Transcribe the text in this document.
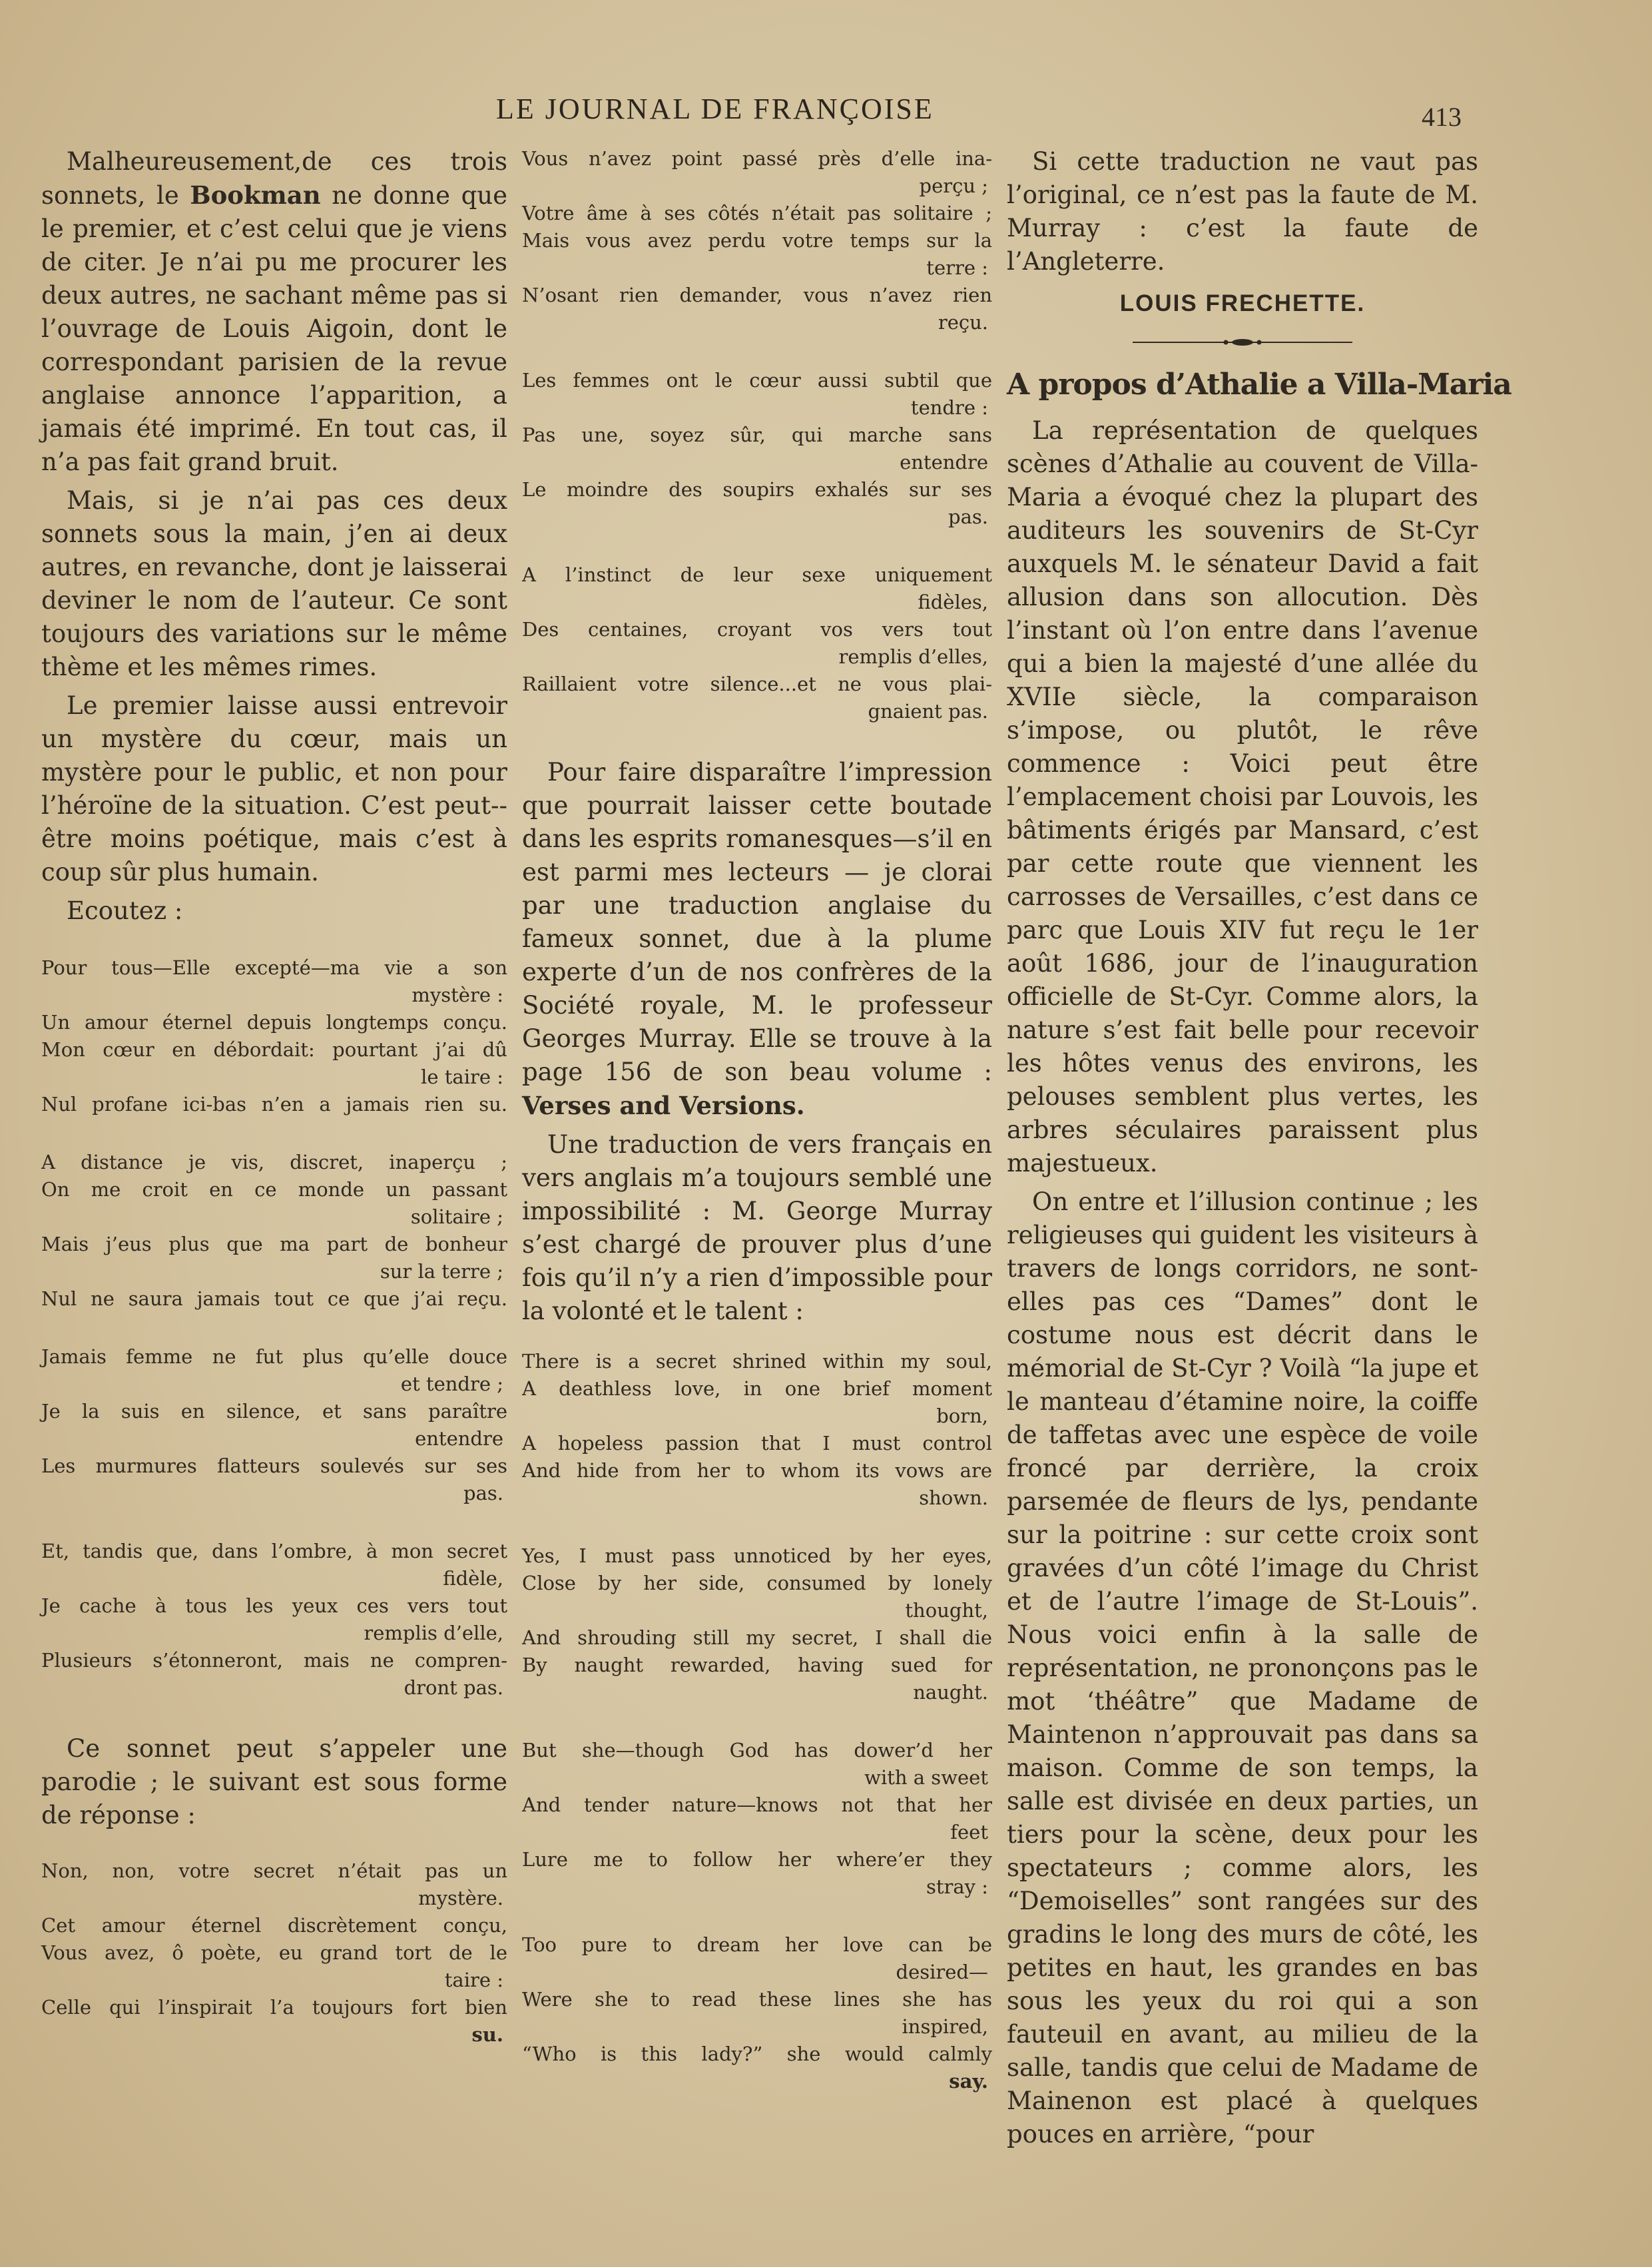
LE JOURNAL DE FRANÇOISE	413

Malheureusement,de ces trois sonnets, le Bookman ne donne que le premier, et c’est celui que je viens de citer. Je n’ai pu me procurer les deux autres, ne sachant même pas si l’ouvrage de Louis Aigoin, dont le correspondant parisien de la revue anglaise annonce l’apparition, a jamais été imprimé. En tout cas, il n’a pas fait grand bruit.

Mais, si je n’ai pas ces deux sonnets sous la main, j’en ai deux autres, en revanche, dont je laisserai deviner le nom de l’auteur. Ce sont toujours des variations sur le même thème et les mêmes rimes.

Le premier laisse aussi entrevoir un mystère du cœur, mais un mystère pour le public, et non pour l’héroïne de la situation. C’est peut--être moins poétique, mais c’est à coup sûr plus humain.

Ecoutez :

Pour tous—Elle excepté—ma vie a son

mystère :

Un amour éternel depuis longtemps conçu.

Mon cœur en débordait: pourtant j’ai dû

le taire :

Nul profane ici-bas n’en a jamais rien su.

A distance je vis, discret, inaperçu ;

On me croit en ce monde un passant

solitaire ;

Mais j’eus plus que ma part de bonheur

sur la terre ;

Nul ne saura jamais tout ce que j’ai reçu.

Jamais femme ne fut plus qu’elle douce

et tendre ;

Je la suis en silence, et sans paraître

entendre

Les murmures flatteurs soulevés sur ses

pas.

Et, tandis que, dans l’ombre, à mon secret

fidèle,

Je cache à tous les yeux ces vers tout

remplis d’elle,

Plusieurs s’étonneront, mais ne compren-

dront pas.

Ce sonnet peut s’appeler une parodie ; le suivant est sous forme de réponse :

Non, non, votre secret n’était pas un

mystère.

Cet amour éternel discrètement conçu,

Vous avez, ô poète, eu grand tort de le

taire :

Celle qui l’inspirait l’a toujours fort bien

su.

Vous n’avez point passé près d’elle ina-

perçu ;

Votre âme à ses côtés n’était pas solitaire ;

Mais vous avez perdu votre temps sur la

terre :

N’osant rien demander, vous n’avez rien

reçu.

Les femmes ont le cœur aussi subtil que

tendre :

Pas une, soyez sûr, qui marche sans

entendre

Le moindre des soupirs exhalés sur ses

pas.

A l’instinct de leur sexe uniquement

fidèles,

Des centaines, croyant vos vers tout

remplis d’elles,

Raillaient votre silence...et ne vous plai-

gnaient pas.

Pour faire disparaître l’impression que pourrait laisser cette boutade dans les esprits romanesques—s’il en est parmi mes lecteurs — je clorai par une traduction anglaise du fameux sonnet, due à la plume experte d’un de nos confrères de la Société royale, M. le professeur Georges Murray. Elle se trouve à la page 156 de son beau volume : Verses and Versions.

Une traduction de vers français en vers anglais m’a toujours semblé une impossibilité : M. George Murray s’est chargé de prouver plus d’une fois qu’il n’y a rien d’impossible pour la volonté et le talent :

There is a secret shrined within my soul,

A deathless love, in one brief moment

born,

A hopeless passion that I must control

And hide from her to whom its vows are

shown.

Yes, I must pass unnoticed by her eyes,

Close by her side, consumed by lonely

thought,

And shrouding still my secret, I shall die

By naught rewarded, having sued for

naught.

But she—though God has dower’d her

with a sweet

And tender nature—knows not that her

feet

Lure me to follow her where’er they

stray :

Too pure to dream her love can be

desired—

Were she to read these lines she has

inspired,

“Who is this lady?” she would calmly

say.

Si cette traduction ne vaut pas l’original, ce n’est pas la faute de M. Murray : c’est la faute de l’Angleterre.

LOUIS FRECHETTE.
A propos d’Athalie a Villa-Maria

La représentation de quelques scènes d’Athalie au couvent de Villa-Maria a évoqué chez la plupart des auditeurs les souvenirs de St-Cyr auxquels M. le sénateur David a fait allusion dans son allocution. Dès l’instant où l’on entre dans l’avenue qui a bien la majesté d’une allée du XVIIe siècle, la comparaison s’impose, ou plutôt, le rêve commence : Voici peut être l’emplacement choisi par Louvois, les bâtiments érigés par Mansard, c’est par cette route que viennent les carrosses de Versailles, c’est dans ce parc que Louis XIV fut reçu le 1er août 1686, jour de l’inauguration officielle de St-Cyr. Comme alors, la nature s’est fait belle pour recevoir les hôtes venus des environs, les pelouses semblent plus vertes, les arbres séculaires paraissent plus majestueux.

On entre et l’illusion continue ; les religieuses qui guident les visiteurs à travers de longs corridors, ne sont-elles pas ces “Dames” dont le costume nous est décrit dans le mémorial de St-Cyr ? Voilà “la jupe et le manteau d’étamine noire, la coiffe de taffetas avec une espèce de voile froncé par derrière, la croix parsemée de fleurs de lys, pendante sur la poitrine : sur cette croix sont gravées d’un côté l’image du Christ et de l’autre l’image de St-Louis”. Nous voici enfin à la salle de représentation, ne prononçons pas le mot ‘théâtre” que Madame de Maintenon n’approuvait pas dans sa maison. Comme de son temps, la salle est divisée en deux parties, un tiers pour la scène, deux pour les spectateurs ; comme alors, les “Demoiselles” sont rangées sur des gradins le long des murs de côté, les petites en haut, les grandes en bas sous les yeux du roi qui a son fauteuil en avant, au milieu de la salle, tandis que celui de Madame de Mainenon est placé à quelques pouces en arrière, “pour
